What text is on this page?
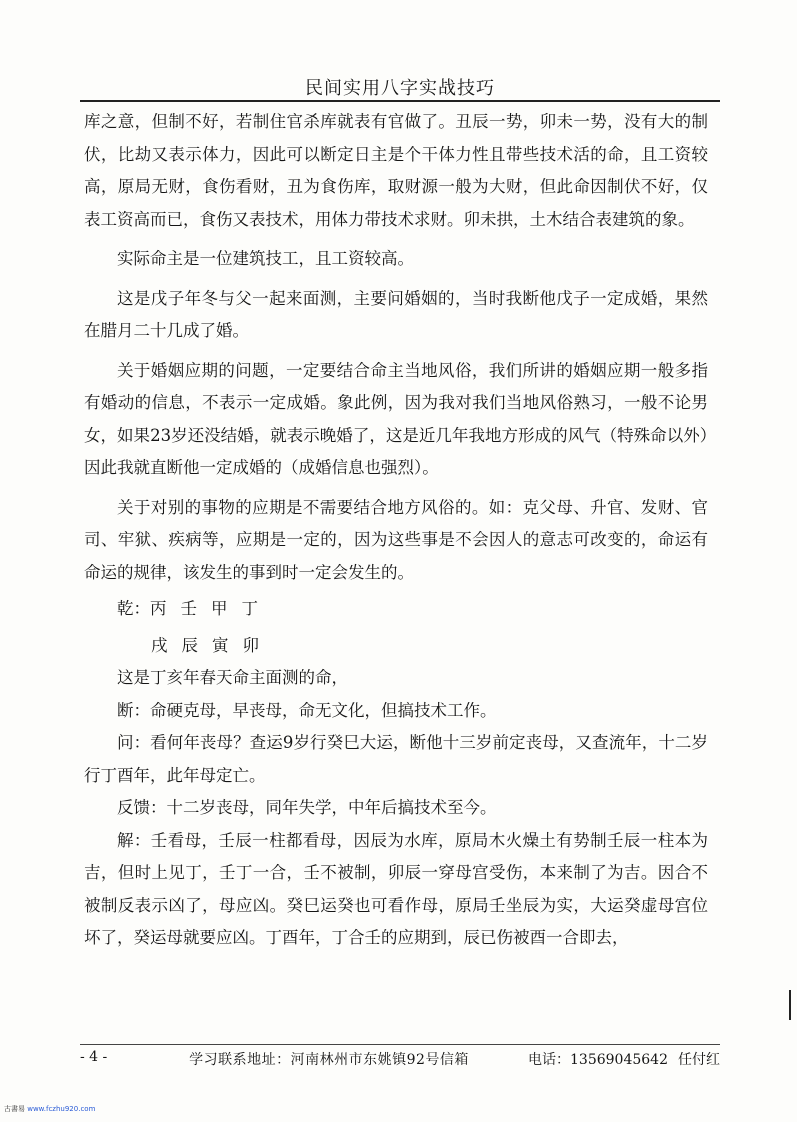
民间实用八字实战技巧

库之意，但制不好，若制住官杀库就表有官做了。丑辰一势，卯未一势，没有大的制伏，比劫又表示体力，因此可以断定日主是个干体力性且带些技术活的命，且工资较高，原局无财，食伤看财，丑为食伤库，取财源一般为大财，但此命因制伏不好，仅表工资高而已，食伤又表技术，用体力带技术求财。卯未拱，土木结合表建筑的象。

实际命主是一位建筑技工，且工资较高。

这是戊子年冬与父一起来面测，主要问婚姻的，当时我断他戊子一定成婚，果然在腊月二十几成了婚。

关于婚姻应期的问题，一定要结合命主当地风俗，我们所讲的婚姻应期一般多指有婚动的信息，不表示一定成婚。象此例，因为我对我们当地风俗熟习，一般不论男女，如果23岁还没结婚，就表示晚婚了，这是近几年我地方形成的风气（特殊命以外）因此我就直断他一定成婚的（成婚信息也强烈）。

关于对别的事物的应期是不需要结合地方风俗的。如：克父母、升官、发财、官司、牢狱、疾病等，应期是一定的，因为这些事是不会因人的意志可改变的，命运有命运的规律，该发生的事到时一定会发生的。

乾：丙 壬 甲 丁
戌 辰 寅 卯

这是丁亥年春天命主面测的命，

断：命硬克母，早丧母，命无文化，但搞技术工作。

问：看何年丧母？查运9岁行癸巳大运，断他十三岁前定丧母，又查流年，十二岁行丁酉年，此年母定亡。

反馈：十二岁丧母，同年失学，中年后搞技术至今。

解：壬看母，壬辰一柱都看母，因辰为水库，原局木火燥土有势制壬辰一柱本为吉，但时上见丁，壬丁一合，壬不被制，卯辰一穿母宫受伤，本来制了为吉。因合不被制反表示凶了，母应凶。癸巳运癸也可看作母，原局壬坐辰为实，大运癸虚母宫位坏了，癸运母就要应凶。丁酉年，丁合壬的应期到，辰已伤被酉一合即去，

- 4 -	学习联系地址：河南林州市东姚镇92号信箱	电话：13569045642 任付红
古書易 www.fczhu920.com
